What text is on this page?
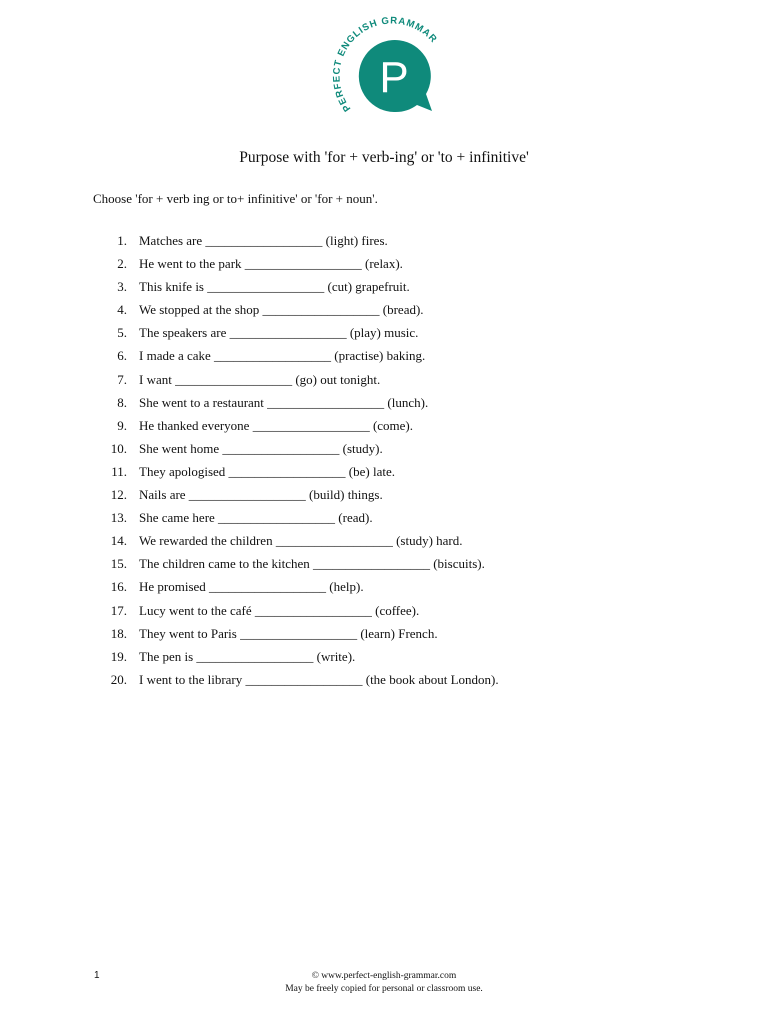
PERFECT ENGLISH GRAMMAR
P
Purpose with 'for + verb-ing' or 'to + infinitive'

Choose 'for + verb ing or to+ infinitive' or 'for + noun'.

1. Matches are __________________ (light) fires.
2. He went to the park __________________ (relax).
3. This knife is __________________ (cut) grapefruit.
4. We stopped at the shop __________________ (bread).
5. The speakers are __________________ (play) music.
6. I made a cake __________________ (practise) baking.
7. I want __________________ (go) out tonight.
8. She went to a restaurant __________________ (lunch).
9. He thanked everyone __________________ (come).
10. She went home __________________ (study).
11. They apologised __________________ (be) late.
12. Nails are __________________ (build) things.
13. She came here __________________ (read).
14. We rewarded the children __________________ (study) hard.
15. The children came to the kitchen __________________ (biscuits).
16. He promised __________________ (help).
17. Lucy went to the café __________________ (coffee).
18. They went to Paris __________________ (learn) French.
19. The pen is __________________ (write).
20. I went to the library __________________ (the book about London).
1	© www.perfect-english-grammar.com
May be freely copied for personal or classroom use.
